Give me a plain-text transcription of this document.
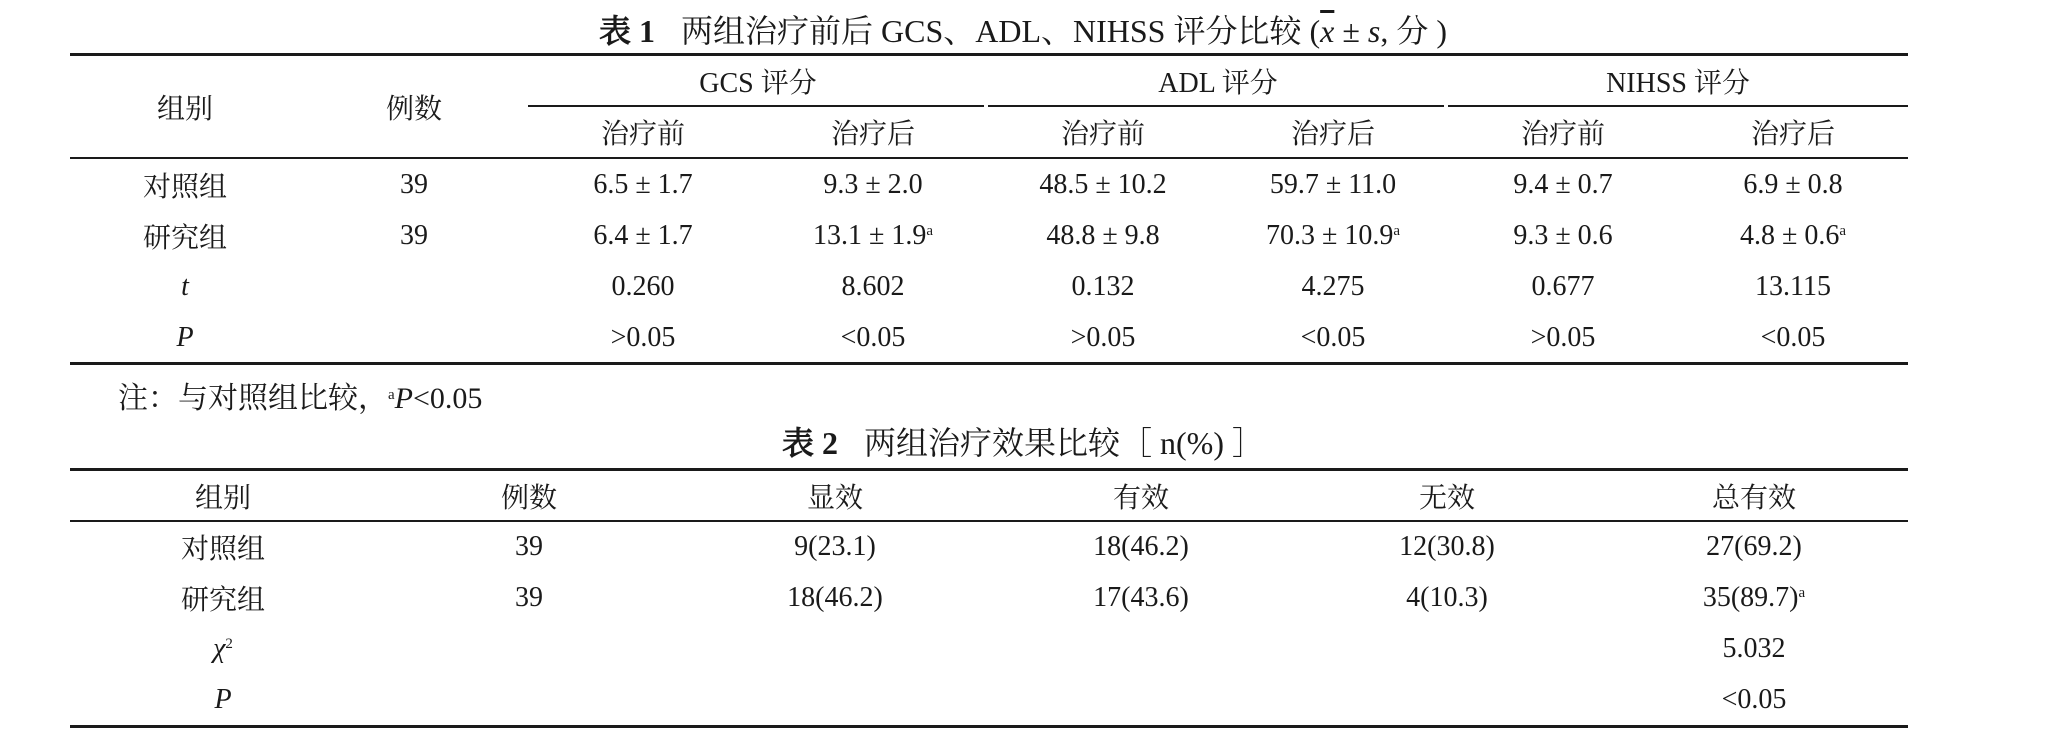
表 1 两组治疗前后 GCS、ADL、NIHSS 评分比较 ($\overline{x} \pm s$, 分 )
组别	例数	GCS 评分		ADL 评分		NIHSS 评分	
		治疗前	治疗后	治疗前	治疗后	治疗前	治疗后
对照组	39	6.5 ± 1.7	9.3 ± 2.0	48.5 ± 10.2	59.7 ± 11.0	9.4 ± 0.7	6.9 ± 0.8
研究组	39	6.4 ± 1.7	13.1 ± 1.9$^a$	48.8 ± 9.8	70.3 ± 10.9$^a$	9.3 ± 0.6	4.8 ± 0.6$^a$
t		0.260	8.602	0.132	4.275	0.677	13.115
P		>0.05	<0.05	>0.05	<0.05	>0.05	<0.05
注：与对照组比较，$^a$P<0.05
表 2 两组治疗效果比较［ n(%) ］
组别	例数	显效	有效	无效	总有效
对照组	39	9(23.1)	18(46.2)	12(30.8)	27(69.2)
研究组	39	18(46.2)	17(43.6)	4(10.3)	$35(89.7)^a$
$\chi^2$					5.032
P					<0.05
